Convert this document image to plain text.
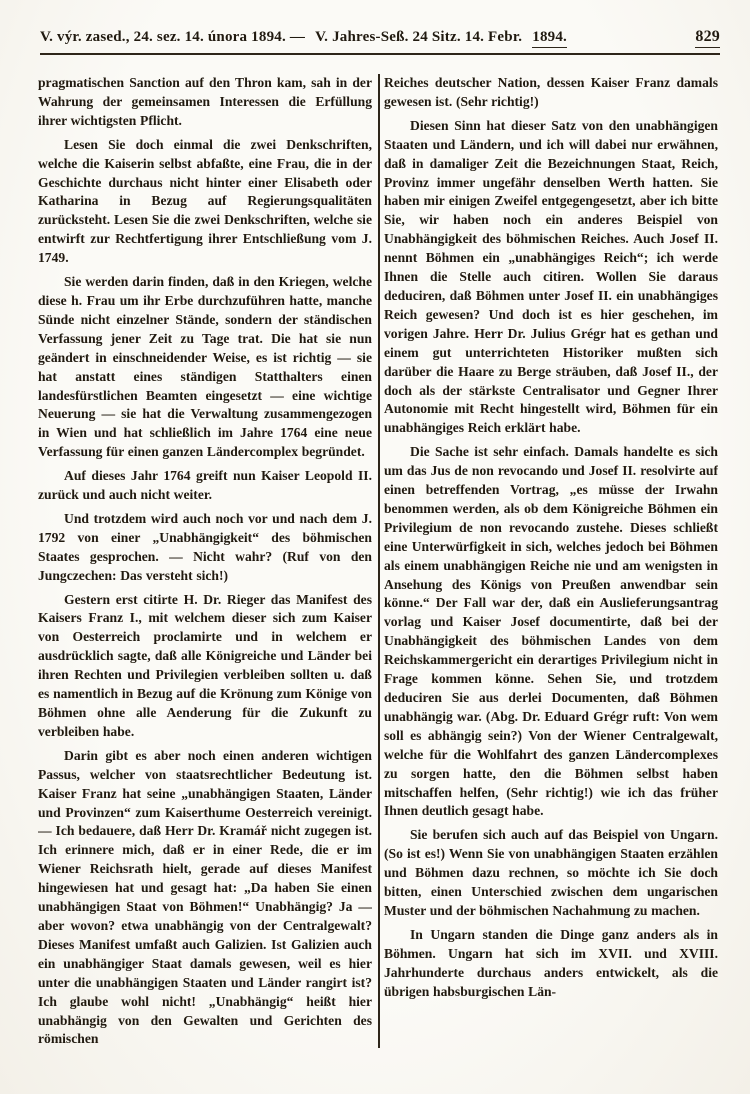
V. výr. zased., 24. sez. 14. února 1894. — V. Jahres-Seß. 24 Sitz. 14. Febr. 1894.	829

pragmatischen Sanction auf den Thron kam, sah in der Wahrung der gemeinsamen Interessen die Erfüllung ihrer wichtigsten Pflicht.

Lesen Sie doch einmal die zwei Denkschriften, welche die Kaiserin selbst abfaßte, eine Frau, die in der Geschichte durchaus nicht hinter einer Elisabeth oder Katharina in Bezug auf Regierungsqualitäten zurücksteht. Lesen Sie die zwei Denkschriften, welche sie entwirft zur Rechtfertigung ihrer Entschließung vom J. 1749.

Sie werden darin finden, daß in den Kriegen, welche diese h. Frau um ihr Erbe durchzuführen hatte, manche Sünde nicht einzelner Stände, sondern der ständischen Verfassung jener Zeit zu Tage trat. Die hat sie nun geändert in einschneidender Weise, es ist richtig — sie hat anstatt eines ständigen Statthalters einen landesfürstlichen Beamten eingesetzt — eine wichtige Neuerung — sie hat die Verwaltung zusammengezogen in Wien und hat schließlich im Jahre 1764 eine neue Verfassung für einen ganzen Ländercomplex begründet.

Auf dieses Jahr 1764 greift nun Kaiser Leopold II. zurück und auch nicht weiter.

Und trotzdem wird auch noch vor und nach dem J. 1792 von einer „Unabhängigkeit“ des böhmischen Staates gesprochen. — Nicht wahr? (Ruf von den Jungczechen: Das versteht sich!)

Gestern erst citirte H. Dr. Rieger das Manifest des Kaisers Franz I., mit welchem dieser sich zum Kaiser von Oesterreich proclamirte und in welchem er ausdrücklich sagte, daß alle Königreiche und Länder bei ihren Rechten und Privilegien verbleiben sollten u. daß es namentlich in Bezug auf die Krönung zum Könige von Böhmen ohne alle Aenderung für die Zukunft zu verbleiben habe.

Darin gibt es aber noch einen anderen wichtigen Passus, welcher von staatsrechtlicher Bedeutung ist. Kaiser Franz hat seine „unabhängigen Staaten, Länder und Provinzen“ zum Kaiserthume Oesterreich vereinigt. — Ich bedauere, daß Herr Dr. Kramář nicht zugegen ist. Ich erinnere mich, daß er in einer Rede, die er im Wiener Reichsrath hielt, gerade auf dieses Manifest hingewiesen hat und gesagt hat: „Da haben Sie einen unabhängigen Staat von Böhmen!“ Unabhängig? Ja — aber wovon? etwa unabhängig von der Centralgewalt? Dieses Manifest umfaßt auch Galizien. Ist Galizien auch ein unabhängiger Staat damals gewesen, weil es hier unter die unabhängigen Staaten und Länder rangirt ist? Ich glaube wohl nicht! „Unabhängig“ heißt hier unabhängig von den Gewalten und Gerichten des römischen

Reiches deutscher Nation, dessen Kaiser Franz damals gewesen ist. (Sehr richtig!)

Diesen Sinn hat dieser Satz von den unabhängigen Staaten und Ländern, und ich will dabei nur erwähnen, daß in damaliger Zeit die Bezeichnungen Staat, Reich, Provinz immer ungefähr denselben Werth hatten. Sie haben mir einigen Zweifel entgegengesetzt, aber ich bitte Sie, wir haben noch ein anderes Beispiel von Unabhängigkeit des böhmischen Reiches. Auch Josef II. nennt Böhmen ein „unabhängiges Reich“; ich werde Ihnen die Stelle auch citiren. Wollen Sie daraus deduciren, daß Böhmen unter Josef II. ein unabhängiges Reich gewesen? Und doch ist es hier geschehen, im vorigen Jahre. Herr Dr. Julius Grégr hat es gethan und einem gut unterrichteten Historiker mußten sich darüber die Haare zu Berge sträuben, daß Josef II., der doch als der stärkste Centralisator und Gegner Ihrer Autonomie mit Recht hingestellt wird, Böhmen für ein unabhängiges Reich erklärt habe.

Die Sache ist sehr einfach. Damals handelte es sich um das Jus de non revocando und Josef II. resolvirte auf einen betreffenden Vortrag, „es müsse der Irwahn benommen werden, als ob dem Königreiche Böhmen ein Privilegium de non revocando zustehe. Dieses schließt eine Unterwürfigkeit in sich, welches jedoch bei Böhmen als einem unabhängigen Reiche nie und am wenigsten in Ansehung des Königs von Preußen anwendbar sein könne.“ Der Fall war der, daß ein Auslieferungsantrag vorlag und Kaiser Josef documentirte, daß bei der Unabhängigkeit des böhmischen Landes von dem Reichskammergericht ein derartiges Privilegium nicht in Frage kommen könne. Sehen Sie, und trotzdem deduciren Sie aus derlei Documenten, daß Böhmen unabhängig war. (Abg. Dr. Eduard Grégr ruft: Von wem soll es abhängig sein?) Von der Wiener Centralgewalt, welche für die Wohlfahrt des ganzen Ländercomplexes zu sorgen hatte, den die Böhmen selbst haben mitschaffen helfen, (Sehr richtig!) wie ich das früher Ihnen deutlich gesagt habe.

Sie berufen sich auch auf das Beispiel von Ungarn. (So ist es!) Wenn Sie von unabhängigen Staaten erzählen und Böhmen dazu rechnen, so möchte ich Sie doch bitten, einen Unterschied zwischen dem ungarischen Muster und der böhmischen Nachahmung zu machen.

In Ungarn standen die Dinge ganz anders als in Böhmen. Ungarn hat sich im XVII. und XVIII. Jahrhunderte durchaus anders entwickelt, als die übrigen habsburgischen Län-
